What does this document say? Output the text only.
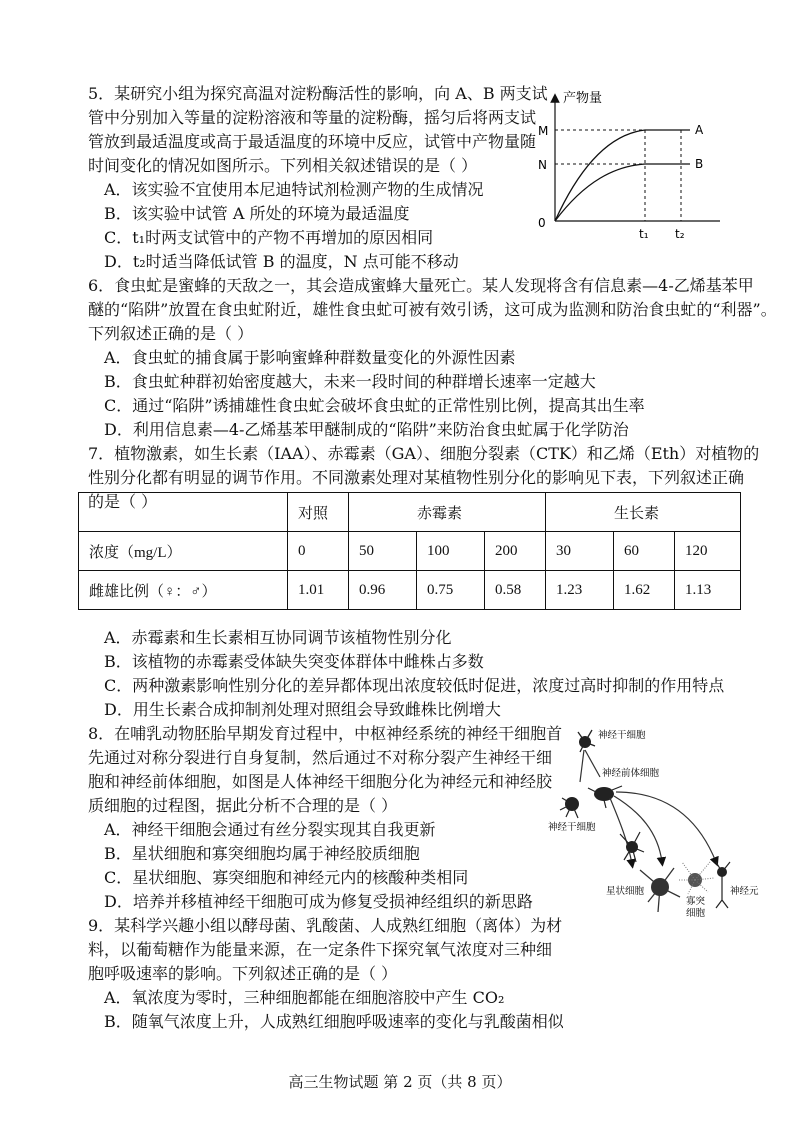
5．某研究小组为探究高温对淀粉酶活性的影响，向 A、B 两支试
管中分别加入等量的淀粉溶液和等量的淀粉酶，摇匀后将两支试
管放到最适温度或高于最适温度的环境中反应，试管中产物量随
时间变化的情况如图所示。下列相关叙述错误的是（ ）
A．该实验不宜使用本尼迪特试剂检测产物的生成情况
B．该实验中试管 A 所处的环境为最适温度
C．t₁时两支试管中的产物不再增加的原因相同
D．t₂时适当降低试管 B 的温度，N 点可能不移动
产物量
M
N
0
A
B
t₁ t₂
6．食虫虻是蜜蜂的天敌之一，其会造成蜜蜂大量死亡。某人发现将含有信息素—4-乙烯基苯甲
醚的“陷阱”放置在食虫虻附近，雄性食虫虻可被有效引诱，这可成为监测和防治食虫虻的“利器”。
下列叙述正确的是（ ）
A．食虫虻的捕食属于影响蜜蜂种群数量变化的外源性因素
B．食虫虻种群初始密度越大，未来一段时间的种群增长速率一定越大
C．通过“陷阱”诱捕雄性食虫虻会破坏食虫虻的正常性别比例，提高其出生率
D．利用信息素—4-乙烯基苯甲醚制成的“陷阱”来防治食虫虻属于化学防治
7．植物激素，如生长素（IAA）、赤霉素（GA）、细胞分裂素（CTK）和乙烯（Eth）对植物的
性别分化都有明显的调节作用。不同激素处理对某植物性别分化的影响见下表，下列叙述正确
的是（ ）
	对照	赤霉素			生长素		
浓度（mg/L）	0	50	100	200	30	60	120
雌雄比例（♀：♂）	1.01	0.96	0.75	0.58	1.23	1.62	1.13
A．赤霉素和生长素相互协同调节该植物性别分化
B．该植物的赤霉素受体缺失突变体群体中雌株占多数
C．两种激素影响性别分化的差异都体现出浓度较低时促进，浓度过高时抑制的作用特点
D．用生长素合成抑制剂处理对照组会导致雌株比例增大
8．在哺乳动物胚胎早期发育过程中，中枢神经系统的神经干细胞首
先通过对称分裂进行自身复制，然后通过不对称分裂产生神经干细
胞和神经前体细胞，如图是人体神经干细胞分化为神经元和神经胶
质细胞的过程图，据此分析不合理的是（ ）
A．神经干细胞会通过有丝分裂实现其自我更新
B．星状细胞和寡突细胞均属于神经胶质细胞
C．星状细胞、寡突细胞和神经元内的核酸种类相同
D．培养并移植神经干细胞可成为修复受损神经组织的新思路
神经干细胞
神经前体细胞
神经干细胞
星状细胞
寡突
细胞
神经元
9．某科学兴趣小组以酵母菌、乳酸菌、人成熟红细胞（离体）为材
料，以葡萄糖作为能量来源，在一定条件下探究氧气浓度对三种细
胞呼吸速率的影响。下列叙述正确的是（ ）
A．氧浓度为零时，三种细胞都能在细胞溶胶中产生 CO₂
B．随氧气浓度上升，人成熟红细胞呼吸速率的变化与乳酸菌相似
高三生物试题 第 2 页（共 8 页）
